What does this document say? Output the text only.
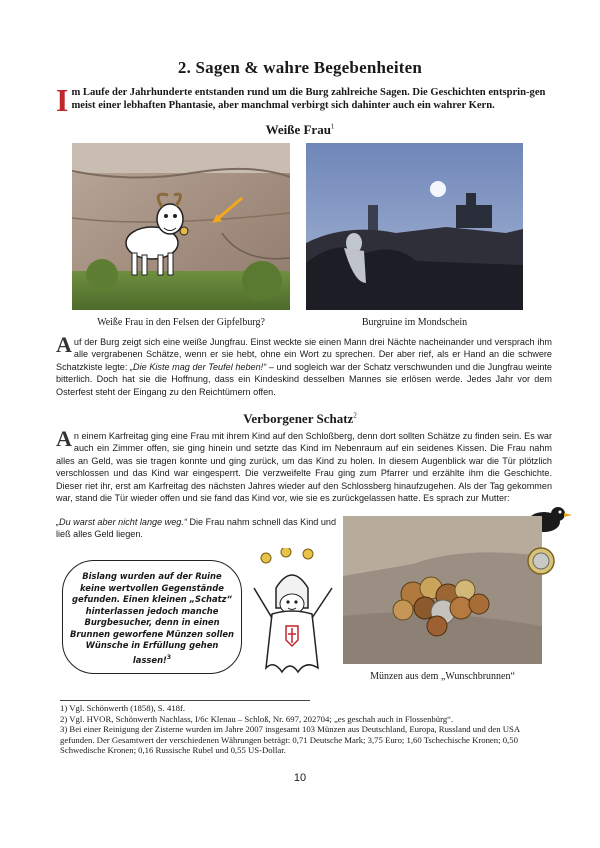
2. Sagen & wahre Begebenheiten
Im Laufe der Jahrhunderte entstanden rund um die Burg zahlreiche Sagen. Die Geschichten entsprin-gen meist einer lebhaften Phantasie, aber manchmal verbirgt sich dahinter auch ein wahrer Kern.
Weiße Frau$^1$
Weiße Frau in den Felsen der Gipfelburg?	Burgruine im Mondschein
Auf der Burg zeigt sich eine weiße Jungfrau. Einst weckte sie einen Mann drei Nächte nacheinander und versprach ihm alle vergrabenen Schätze, wenn er sie hebt, ohne ein Wort zu sprechen. Der aber rief, als er Hand an die schwere Schatzkiste legte: „Die Kiste mag der Teufel heben!“ – und sogleich war der Schatz verschwunden und die Jungfrau weinte bitterlich. Doch hat sie die Hoffnung, dass ein Kindeskind desselben Mannes sie erlösen werde. Jedes Jahr vor dem Osterfest steht der Eingang zu den Reichtümern offen.
Verborgener Schatz$^2$
An einem Karfreitag ging eine Frau mit ihrem Kind auf den Schloßberg, denn dort sollten Schätze zu finden sein. Es war auch ein Zimmer offen, sie ging hinein und setzte das Kind im Nebenraum auf ein seidenes Kissen. Die Frau nahm alles an Geld, was sie tragen konnte und ging zurück, um das Kind zu holen. In diesem Augenblick war die Tür plötzlich verschlossen und das Kind war eingesperrt. Die verzweifelte Frau ging zum Pfarrer und erzählte ihm die Geschichte. Dieser riet ihr, erst am Karfreitag des nächsten Jahres wieder auf den Schlossberg hinaufzugehen. Als der Tag gekommen war, stand die Tür wieder offen und sie fand das Kind vor, wie sie es zurückgelassen hatte. Es sprach zur Mutter:
„Du warst aber nicht lange weg.“ Die Frau nahm schnell das Kind und ließ alles Geld liegen.
Münzen aus dem „Wunschbrunnen“
Bislang wurden auf der Ruine keine wertvollen Gegenstände gefunden. Einen kleinen „Schatz“ hinterlassen jedoch manche Burgbesucher, denn in einen Brunnen geworfene Münzen sollen Wünsche in Erfüllung gehen lassen!$^3$
1) Vgl. Schönwerth (1858), S. 418f.
2) Vgl. HVOR, Schönwerth Nachlass, I/6c Klenau – Schloß, Nr. 697, 202704; „es geschah auch in Flossenbürg“.
3) Bei einer Reinigung der Zisterne wurden im Jahre 2007 insgesamt 103 Münzen aus Deutschland, Europa, Russland und den USA gefunden. Der Gesamtwert der verschiedenen Währungen beträgt: 0,71 Deutsche Mark; 3,75 Euro; 1,60 Tschechische Kronen; 0,50 Schwedische Kronen; 0,16 Russische Rubel und 0,55 US-Dollar.
10
